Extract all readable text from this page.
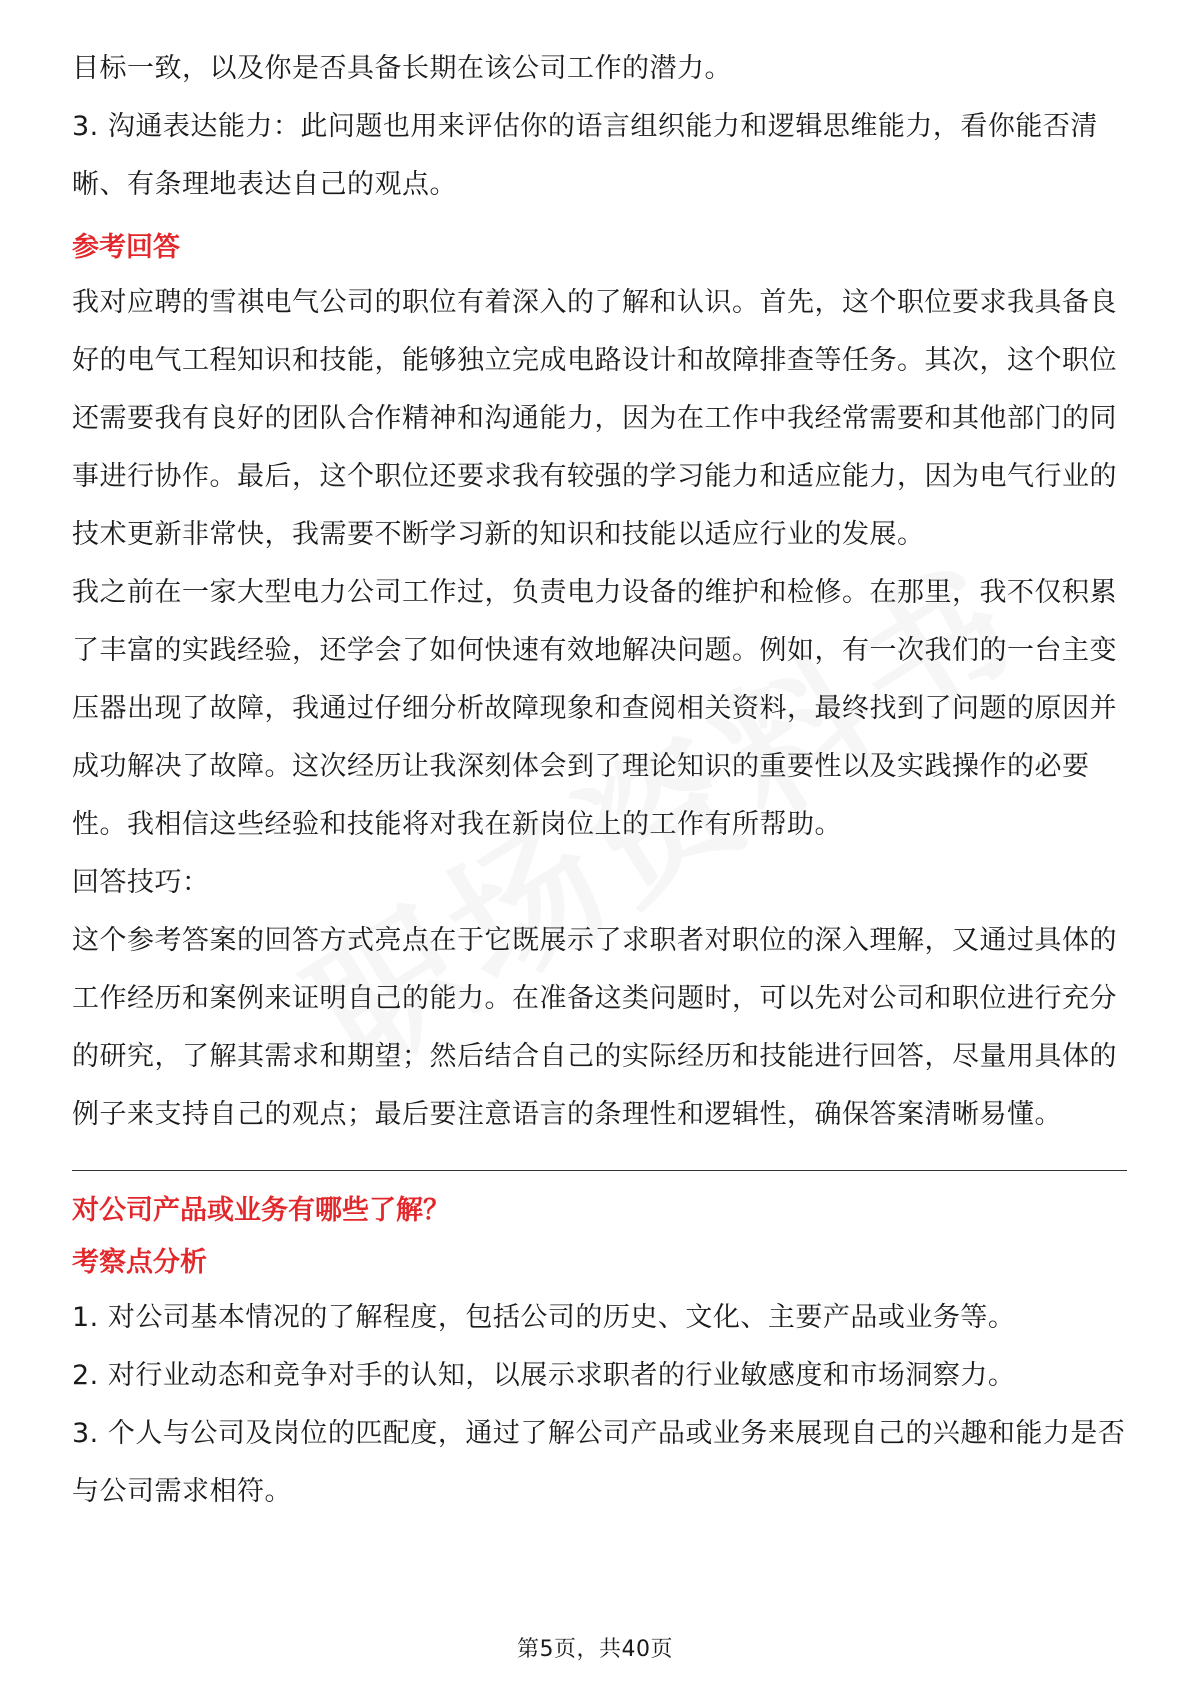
目标一致，以及你是否具备长期在该公司工作的潜力。

3. 沟通表达能力：此问题也用来评估你的语言组织能力和逻辑思维能力，看你能否清晰、有条理地表达自己的观点。

参考回答

我对应聘的雪祺电气公司的职位有着深入的了解和认识。首先，这个职位要求我具备良好的电气工程知识和技能，能够独立完成电路设计和故障排查等任务。其次，这个职位还需要我有良好的团队合作精神和沟通能力，因为在工作中我经常需要和其他部门的同事进行协作。最后，这个职位还要求我有较强的学习能力和适应能力，因为电气行业的技术更新非常快，我需要不断学习新的知识和技能以适应行业的发展。

我之前在一家大型电力公司工作过，负责电力设备的维护和检修。在那里，我不仅积累了丰富的实践经验，还学会了如何快速有效地解决问题。例如，有一次我们的一台主变压器出现了故障，我通过仔细分析故障现象和查阅相关资料，最终找到了问题的原因并成功解决了故障。这次经历让我深刻体会到了理论知识的重要性以及实践操作的必要性。我相信这些经验和技能将对我在新岗位上的工作有所帮助。

回答技巧：

这个参考答案的回答方式亮点在于它既展示了求职者对职位的深入理解，又通过具体的工作经历和案例来证明自己的能力。在准备这类问题时，可以先对公司和职位进行充分的研究，了解其需求和期望；然后结合自己的实际经历和技能进行回答，尽量用具体的例子来支持自己的观点；最后要注意语言的条理性和逻辑性，确保答案清晰易懂。

对公司产品或业务有哪些了解？
考察点分析

1. 对公司基本情况的了解程度，包括公司的历史、文化、主要产品或业务等。

2. 对行业动态和竞争对手的认知，以展示求职者的行业敏感度和市场洞察力。

3. 个人与公司及岗位的匹配度，通过了解公司产品或业务来展现自己的兴趣和能力是否与公司需求相符。

第5页，共40页
